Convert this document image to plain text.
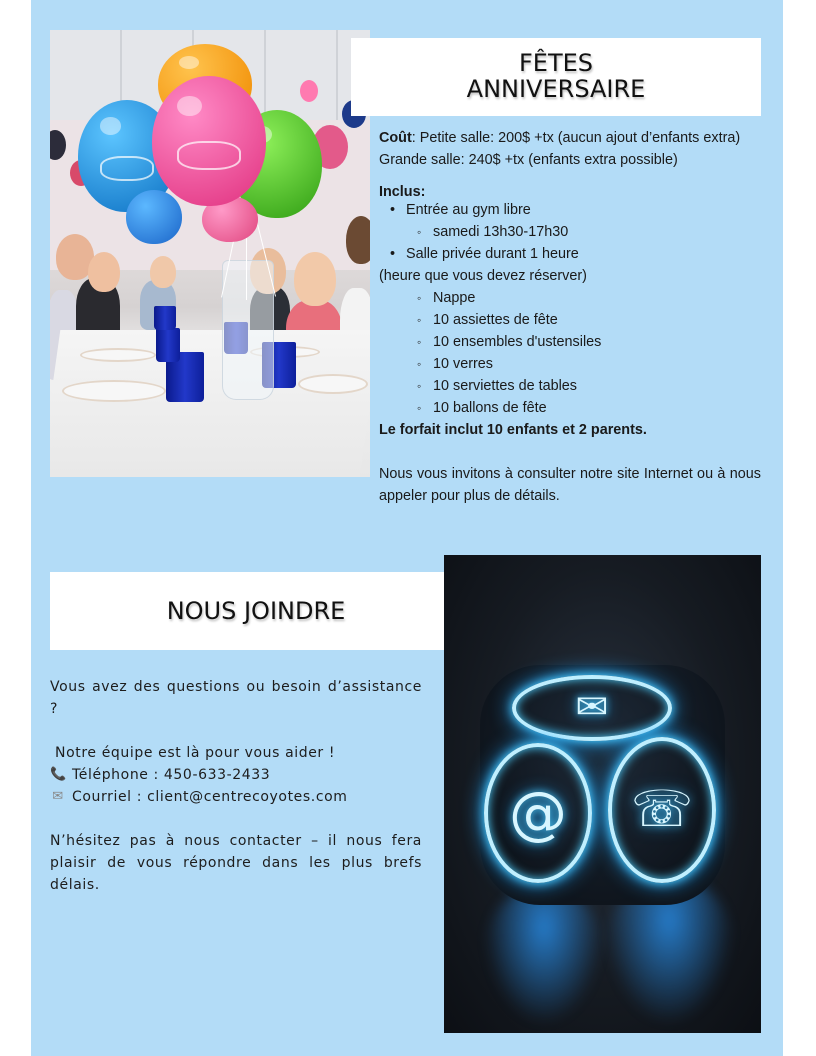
FÊTES
ANNIVERSAIRE

Coût: Petite salle: 200$ +tx (aucun ajout d’enfants extra)

Grande salle: 240$ +tx (enfants extra possible)

Inclus:

• Entrée au gym libre

◦ samedi 13h30-17h30

• Salle privée durant 1 heure

(heure que vous devez réserver)

◦ Nappe

◦ 10 assiettes de fête

◦ 10 ensembles d'ustensiles

◦ 10 verres

◦ 10 serviettes de tables

◦ 10 ballons de fête

Le forfait inclut 10 enfants et 2 parents.

Nous vous invitons à consulter notre site Internet ou à nous appeler pour plus de détails.

NOUS JOINDRE

Vous avez des questions ou besoin d’assistance ?

Notre équipe est là pour vous aider !

📞 Téléphone : 450-633-2433

✉ Courriel : client@centrecoyotes.com

N’hésitez pas à nous contacter – il nous fera plaisir de vous répondre dans les plus brefs délais.

✉
@	☏
